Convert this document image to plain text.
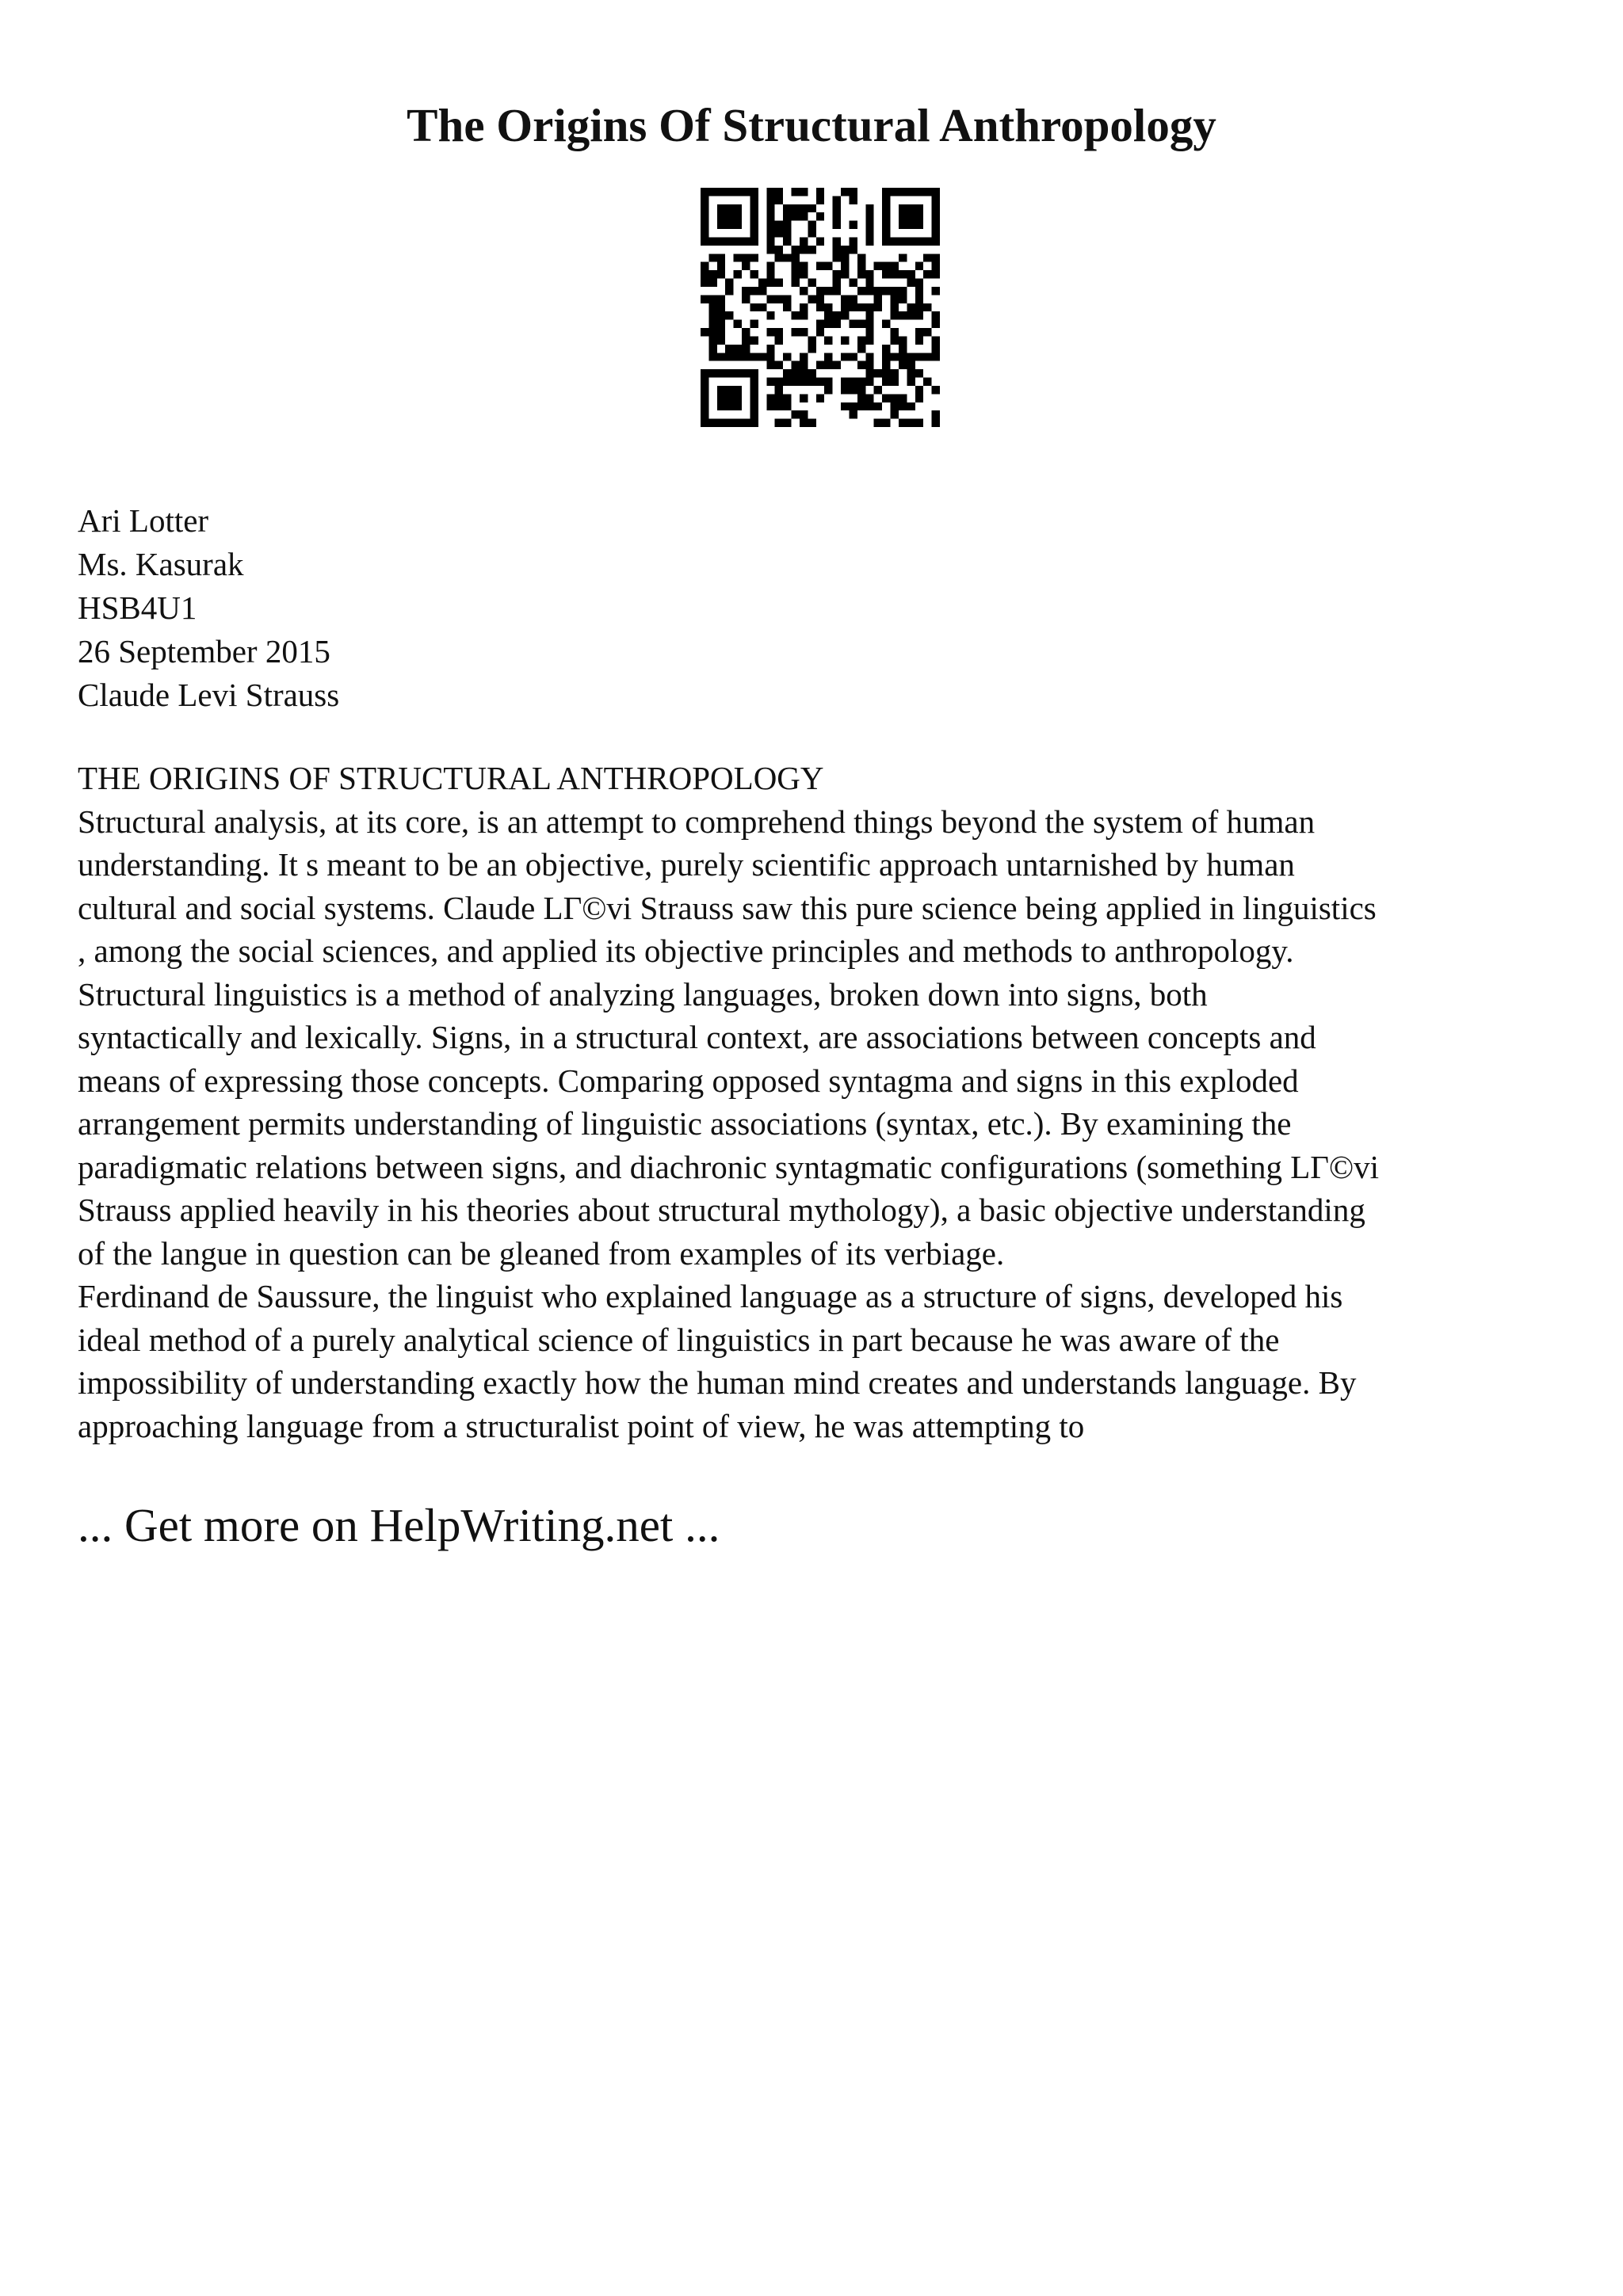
The Origins Of Structural Anthropology
Ari Lotter
Ms. Kasurak
HSB4U1
26 September 2015
Claude Levi Strauss
THE ORIGINS OF STRUCTURAL ANTHROPOLOGY
Structural analysis, at its core, is an attempt to comprehend things beyond the system of human
understanding. It s meant to be an objective, purely scientific approach untarnished by human
cultural and social systems. Claude LΓ©vi Strauss saw this pure science being applied in linguistics
, among the social sciences, and applied its objective principles and methods to anthropology.
Structural linguistics is a method of analyzing languages, broken down into signs, both
syntactically and lexically. Signs, in a structural context, are associations between concepts and
means of expressing those concepts. Comparing opposed syntagma and signs in this exploded
arrangement permits understanding of linguistic associations (syntax, etc.). By examining the
paradigmatic relations between signs, and diachronic syntagmatic configurations (something LΓ©vi
Strauss applied heavily in his theories about structural mythology), a basic objective understanding
of the langue in question can be gleaned from examples of its verbiage.
Ferdinand de Saussure, the linguist who explained language as a structure of signs, developed his
ideal method of a purely analytical science of linguistics in part because he was aware of the
impossibility of understanding exactly how the human mind creates and understands language. By
approaching language from a structuralist point of view, he was attempting to
... Get more on HelpWriting.net ...
